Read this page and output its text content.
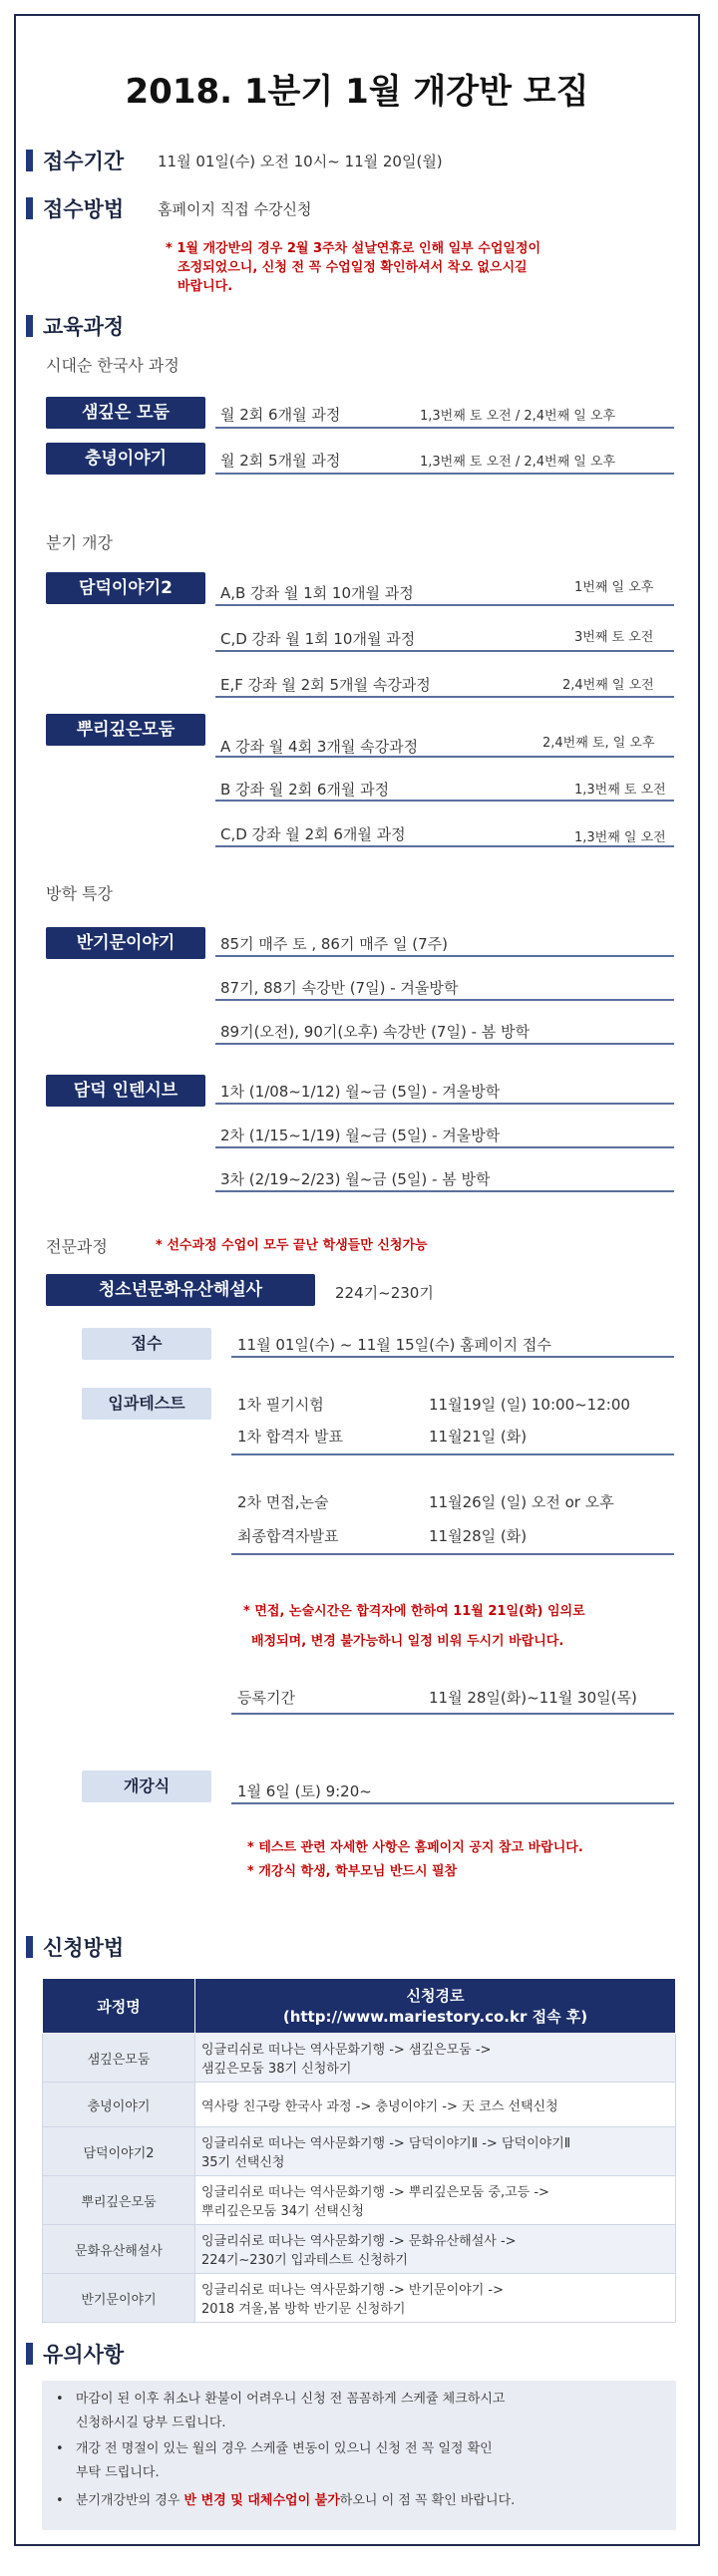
2018. 1분기 1월 개강반 모집
접수기간 11월 01일(수) 오전 10시~ 11월 20일(월)
접수방법 홈페이지 직접 수강신청
* 1월 개강반의 경우 2월 3주차 설날연휴로 인해 일부 수업일정이
조정되었으니, 신청 전 꼭 수업일정 확인하셔서 착오 없으시길
바랍니다.
교육과정
시대순 한국사 과정
샘깊은 모둠	월 2회 6개월 과정	1,3번째 토 오전 / 2,4번째 일 오후
충녕이야기	월 2회 5개월 과정	1,3번째 토 오전 / 2,4번째 일 오후
분기 개강
담덕이야기2	A,B 강좌 월 1회 10개월 과정	1번째 일 오후
C,D 강좌 월 1회 10개월 과정	3번째 토 오전
E,F 강좌 월 2회 5개월 속강과정	2,4번째 일 오전
뿌리깊은모둠
A 강좌 월 4회 3개월 속강과정	2,4번째 토, 일 오후
B 강좌 월 2회 6개월 과정	1,3번째 토 오전
C,D 강좌 월 2회 6개월 과정	1,3번째 일 오전
방학 특강
반기문이야기	85기 매주 토 , 86기 매주 일 (7주)
87기, 88기 속강반 (7일) - 겨울방학
89기(오전), 90기(오후) 속강반 (7일) - 봄 방학
담덕 인텐시브	1차 (1/08~1/12) 월~금 (5일) - 겨울방학
2차 (1/15~1/19) 월~금 (5일) - 겨울방학
3차 (2/19~2/23) 월~금 (5일) - 봄 방학
전문과정	* 선수과정 수업이 모두 끝난 학생들만 신청가능
청소년문화유산해설사	224기~230기
접수	11월 01일(수) ~ 11월 15일(수) 홈페이지 접수
입과테스트	1차 필기시험	11월19일 (일) 10:00~12:00
1차 합격자 발표	11월21일 (화)
2차 면접,논술	11월26일 (일) 오전 or 오후
최종합격자발표	11월28일 (화)
* 면접, 논술시간은 합격자에 한하여 11월 21일(화) 임의로
배정되며, 변경 불가능하니 일정 비워 두시기 바랍니다.
등록기간	11월 28일(화)~11월 30일(목)
개강식	1월 6일 (토) 9:20~
* 테스트 관련 자세한 사항은 홈페이지 공지 참고 바랍니다.
* 개강식 학생, 학부모님 반드시 필참
신청방법
과정명	신청경로
(http://www.mariestory.co.kr 접속 후)

샘깊은모둠	잉글리쉬로 떠나는 역사문화기행 -> 샘깊은모둠 ->
샘깊은모둠 38기 신청하기

충녕이야기	역사랑 친구랑 한국사 과정 -> 충녕이야기 -> 天 코스 선택신청

담덕이야기2	잉글리쉬로 떠나는 역사문화기행 -> 담덕이야기Ⅱ -> 담덕이야기Ⅱ
35기 선택신청

뿌리깊은모둠	잉글리쉬로 떠나는 역사문화기행 -> 뿌리깊은모둠 중,고등 ->
뿌리깊은모둠 34기 선택신청

문화유산해설사	잉글리쉬로 떠나는 역사문화기행 -> 문화유산해설사 ->
224기~230기 입과테스트 신청하기

반기문이야기	잉글리쉬로 떠나는 역사문화기행 -> 반기문이야기 ->
2018 겨울,봄 방학 반기문 신청하기
유의사항
• 마감이 된 이후 취소나 환불이 어려우니 신청 전 꼼꼼하게 스케쥴 체크하시고
신청하시길 당부 드립니다.
• 개강 전 명절이 있는 월의 경우 스케쥴 변동이 있으니 신청 전 꼭 일정 확인
부탁 드립니다.
• 분기개강반의 경우 반 변경 및 대체수업이 불가하오니 이 점 꼭 확인 바랍니다.
